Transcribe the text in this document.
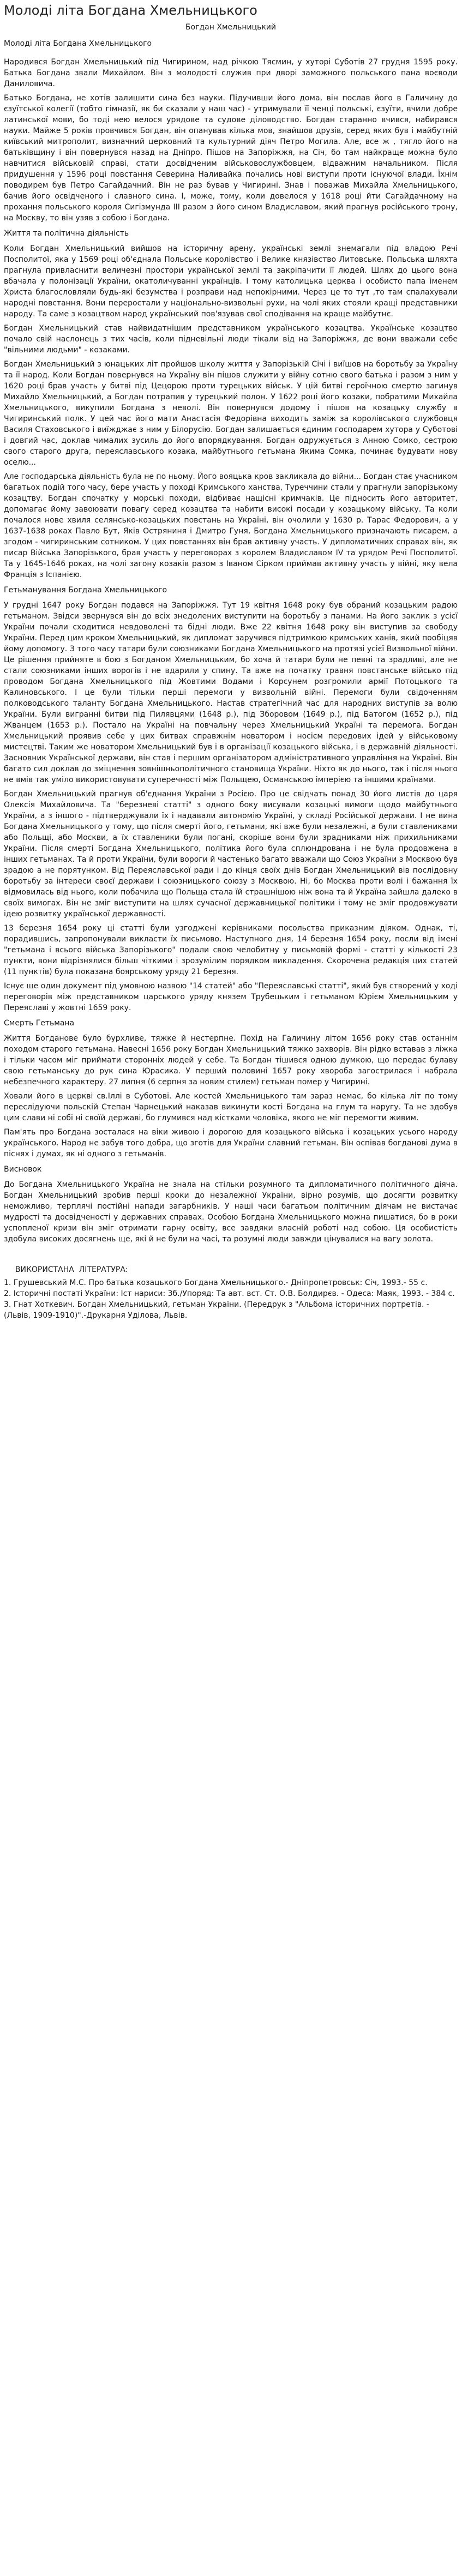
Молоді літа Богдана Хмельницького
Богдан Хмельницький
Молоді літа Богдана Хмельницького

Народився Богдан Хмельницький під Чигирином, над річкою Тясмин, у хуторі Суботів 27 грудня 1595 року. Батька Богдана звали Михайлом. Він з молодості служив при дворі заможного польського пана воєводи Даниловича.

Батько Богдана, не хотів залишити сина без науки. Підучивши його дома, він послав його в Галичину до єзуїтської колегії (тобто гімназії, як би сказали у наш час) - утримували її ченці польські, єзуїти, вчили добре латинської мови, бо тоді нею велося урядове та судове діловодство. Богдан старанно вчився, набирався науки. Майже 5 років провчився Богдан, він опанував кілька мов, знайшов друзів, серед яких був і майбутній київський митрополит, визначний церковний та культурний діяч Петро Могила. Але, все ж , тягло його на батьківщину і він повернувся назад на Дніпро. Пішов на Запоріжжя, на Січ, бо там найкраще можна було навчитися військовій справі, стати досвідченим військовослужбовцем, відважним начальником. Після придушення у 1596 році повстання Северина Наливайка почались нові виступи проти існуючої влади. Їхнім поводирем був Петро Сагайдачний. Він не раз бував у Чигирині. Знав і поважав Михайла Хмельницького, бачив його освідченого і славного сина. І, може, тому, коли довелося у 1618 році йти Сагайдачному на прохання польського короля Сигізмунда ІІІ разом з його сином Владиславом, який прагнув російського трону, на Москву, то він узяв з собою і Богдана.

Життя та політична діяльність

Коли Богдан Хмельницький вийшов на історичну арену, українські землі знемагали під владою Речі Посполитої, яка у 1569 році об'єднала Польське королівство і Велике князівство Литовське. Польська шляхта прагнула привласнити величезні простори української землі та закріпачити її людей. Шлях до цього вона вбачала у полонізації України, окатоличуванні українців. І тому католицька церква і особисто папа іменем Христа благословляли будь-які безумства і розправи над непокірними. Через це то тут ,то там спалахували народні повстання. Вони переростали у національно-визвольні рухи, на чолі яких стояли кращі представники народу. Та саме з козацтвом народ український пов'язував свої сподівання на краще майбутнє.

Богдан Хмельницький став найвидатнішим представником українського козацтва. Українське козацтво почало свій наслонець з тих часів, коли підневільні люди тікали від на Запоріжжя, де вони вважали себе "вільними людьми" - козаками.

Богдан Хмельницький з юнацьких літ пройшов школу життя у Запорізькій Січі і виїшов на боротьбу за Україну та її народ. Коли Богдан повернувся на Україну він пішов служити у війну сотню свого батька і разом з ним у 1620 році брав участь у битві під Цецорою проти турецьких військ. У цій битві героїчною смертю загинув Михайло Хмельницький, а Богдан потрапив у турецький полон. У 1622 році його козаки, побратими Михайла Хмельницького, викупили Богдана з неволі. Він повернувся додому і пішов на козацьку службу в Чигиринський полк. У цей час його мати Анастасія Федорівна виходить заміж за королівського службовця Василя Стаховського і виїжджає з ним у Білорусію. Богдан залишається єдиним господарем хутора у Суботові і довгий час, доклав чималих зусиль до його впорядкування. Богдан одружується з Анною Сомко, сестрою свого старого друга, переяславського козака, майбутнього гетьмана Якима Сомка, починає будувати нову оселю...

Але господарська діяльність була не по ньому. Його вояцька кров закликала до війни... Богдан стає учасником багатьох подій того часу, бере участь у поході Кримського ханства, Туреччини стали у прагнули запорізькому козацтву. Богдан спочатку у морські походи, відбиває нащісні кримчаків. Це підносить його авторитет, допомагає йому завоювати повагу серед козацтва та набити високі посади у козацькому війську. Та коли почалося нове хвиля селянсько-козацьких повстань на Україні, він очолили у 1630 р. Тарас Федорович, а у 1637-1638 роках Павло Бут, Яків Остряниня і Дмитро Гуня, Богдана Хмельницького призначають писарем, а згодом - чигиринським сотником. У цих повстаннях він брав активну участь. У дипломатичних справах він, як писар Війська Запорізького, брав участь у переговорах з королем Владиславом IV та урядом Речі Посполитої. Та у 1645-1646 роках, на чолі загону козаків разом з Іваном Сірком приймав активну участь у війні, яку вела Франція з Іспанією.

Гетьманування Богдана Хмельницького

У грудні 1647 року Богдан подався на Запоріжжя. Тут 19 квітня 1648 року був обраний козацьким радою гетьманом. Звідси звернувся він до всіх знедолених виступити на боротьбу з панами. На його заклик з усієї України почали сходитися невдоволені та бідні люди. Вже 22 квітня 1648 року він виступив за свободу України. Перед цим кроком Хмельницький, як дипломат заручився підтримкою кримських ханів, який пообіцяв йому допомогу. З того часу татари були союзниками Богдана Хмельницького на протязі усієї Визвольної війни. Це рішення прийняте в бою з Богданом Хмельницьким, бо хоча й татари були не певні та зрадливі, але не стали союзниками інших ворогів і не вдарили у спину. Та вже на початку травня повстанське військо під проводом Богдана Хмельницького під Жовтими Водами і Корсунем розгромили армії Потоцького та Калиновського. І це були тільки перші перемоги у визвольній війні. Перемоги були свідоченням полководського таланту Богдана Хмельницького. Настав стратегічний час для народних виступів за волю України. Були вигранні битви під Пилявцями (1648 р.), під Зборовом (1649 р.), під Батогом (1652 р.), під Жванцем (1653 р.). Постало на Україні на повчальну через Хмельницький Україні та перемога. Богдан Хмельницький проявив себе у цих битвах справжнім новатором і носієм передових ідей у військовому мистецтві. Таким же новатором Хмельницький був і в організації козацького війська, і в державній діяльності. Засновник Української держави, він став і першим організатором адміністративного управління на Україні. Він багато сил доклав до зміцнення зовнішньополітичного становища України. Ніхто як до нього, так і після нього не вмів так уміло використовувати суперечності між Польщею, Османською імперією та іншими країнами.

Богдан Хмельницький прагнув об'єднання України з Росією. Про це свідчать понад 30 його листів до царя Олексія Михайловича. Та "березневі статті" з одного боку висували козацькі вимоги щодо майбутнього України, а з іншого - підтверджували їх і надавали автономію Україні, у складі Російської держави. І не вина Богдана Хмельницького у тому, що після смерті його, гетьмани, які вже були незалежні, а були ставлениками або Польщі, або Москви, а їх ставленики були погані, скоріше вони були зрадниками ніж прихильниками України. Після смерті Богдана Хмельницького, політика його була сплюндрована і не була продовжена в інших гетьманах. Та й проти України, були вороги й частенько багато вважали що Союз України з Москвою був зрадою а не порятунком. Від Переяславської ради і до кінця своїх днів Богдан Хмельницький вів послідовну боротьбу за інтереси своєї держави і союзницького союзу з Москвою. Ні, бо Москва проти волі і бажання їх відмовилась від нього, коли побачила що Польща стала їй страшнішою ніж вона та й Україна зайшла далеко в своїх вимогах. Він не зміг виступити на шлях сучасної державницької політики і тому не зміг продовжувати ідею розвитку української державності.

13 березня 1654 року ці статті були узгоджені керівниками посольства приказним діяком. Однак, ті, порадившись, запропонували викласти їх письмово. Наступного дня, 14 березня 1654 року, посли від імені "гетьмана і всього війська Запорізького" подали свою челобитну у письмовій формі - статті у кількості 23 пункти, вони відрізнялися більш чіткими і зрозумілим порядком викладення. Скорочена редакція цих статей (11 пунктів) була показана боярському уряду 21 березня.

Існує ще один документ під умовною назвою "14 статей" або "Переяславські статті", який був створений у ході переговорів між представником царського уряду князем Трубецьким і гетьманом Юрієм Хмельницьким у Переяславі у жовтні 1659 року.

Смерть Гетьмана

Життя Богданове було бурхливе, тяжке й нестерпне. Похід на Галичину літом 1656 року став останнім походом старого гетьмана. Навесні 1656 року Богдан Хмельницький тяжко захворів. Він рідко вставав з ліжка і тільки часом міг приймати сторонніх людей у себе. Та Богдан тішився одною думкою, що передає булаву свою гетьманську до рук сина Юрасика. У перший половині 1657 року хвороба загострилася і набрала небезпечного характеру. 27 липня (6 серпня за новим стилем) гетьман помер у Чигирині.

Ховали його в церкві св.Іллі в Суботові. Але костей Хмельницького там зараз немає, бо кілька літ по тому переслідуючи польскій Степан Чарнецький наказав викинути кості Богдана на глум та наругу. Та не здобув цим слави ні собі ні своїй державі, бо глумився над кістками чоловіка, якого не міг перемогти живим.

Пам'ять про Богдана зосталася на віки живою і дорогою для козацького війська і козацьких усього народу українського. Народ не забув того добра, що зготів для України славний гетьман. Він оспівав богданові дума в піснях і думах, як ні одного з гетьманів.

Висновок

До Богдана Хмельницького Україна не знала на стільки розумного та дипломатичного політичного діяча. Богдан Хмельницький зробив перші кроки до незалежної України, вірно розумів, що досягти розвитку неможливо, терплячі постійні напади загарбників. У наші часи багатьом політичним діячам не вистачає мудрості та досвідченості у державних справах. Особою Богдана Хмельницького можна пишатися, бо в роки успопленої кризи він зміг отримати гарну освіту, все завдяки власній роботі над собою. Ця особистість здобула високих досягнень ще, які й не були на часі, та розумні люди завжди цінувалися на вагу золота.

ВИКОРИСТАНА  ЛІТЕРАТУРА:
1. Грушевський М.С. Про батька козацького Богдана Хмельницького.- Дніпропетровськ: Січ, 1993.- 55 с.
2. Історичні постаті України: Іст нариси: 3б./Упоряд: Та авт. вст. Ст. О.В. Болдирєв. - Одеса: Маяк, 1993. - 384 с.
3. Гнат Хоткевич. Богдан Хмельницький, гетьман України. (Передрук з "Альбома історичних портретів. - (Львів, 1909-1910)".-Друкарня Уділова, Львів.
